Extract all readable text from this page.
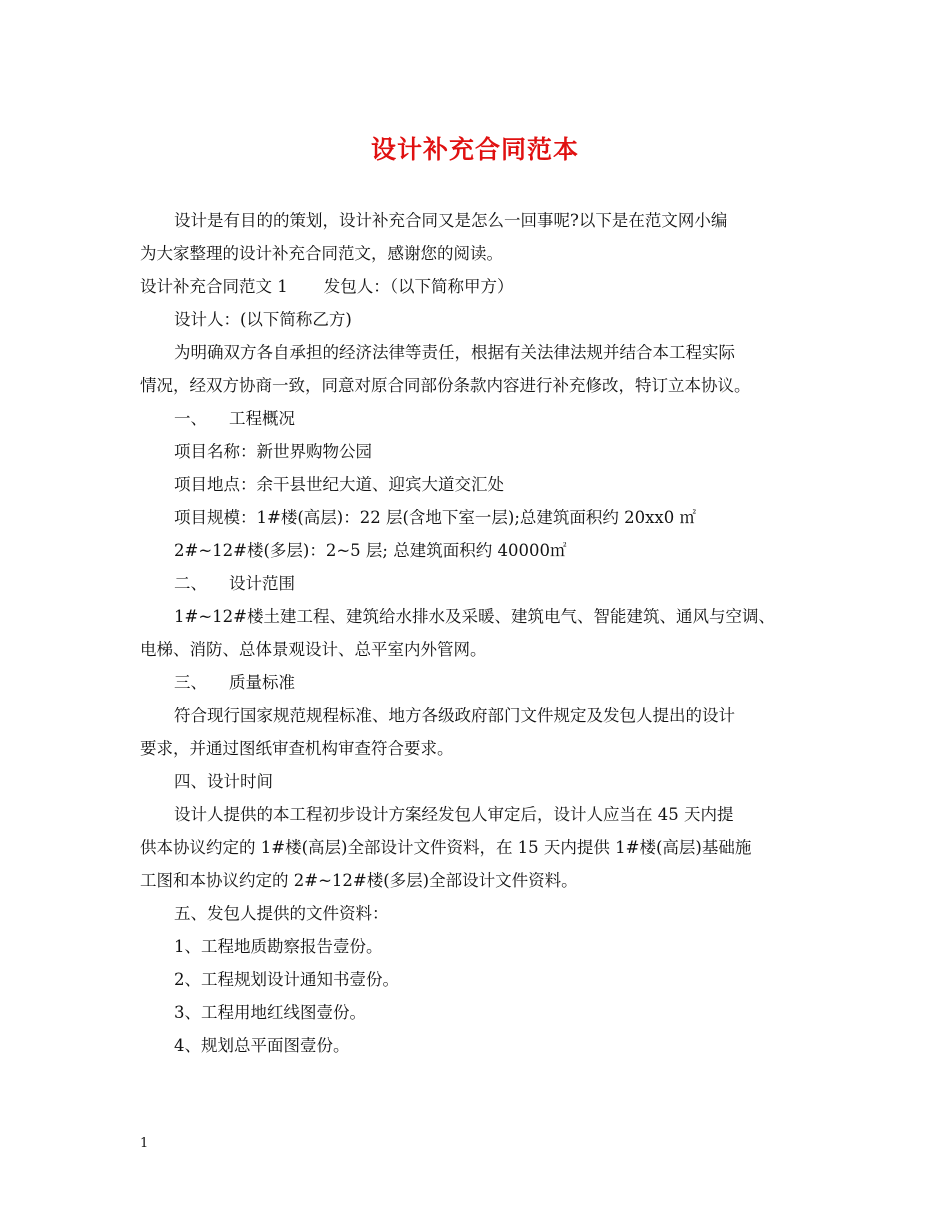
设计补充合同范本
设计是有目的的策划，设计补充合同又是怎么一回事呢?以下是在范文网小编
为大家整理的设计补充合同范文，感谢您的阅读。
设计补充合同范文 1 发包人：（以下简称甲方）
设计人：(以下简称乙方)
为明确双方各自承担的经济法律等责任，根据有关法律法规并结合本工程实际
情况，经双方协商一致，同意对原合同部份条款内容进行补充修改，特订立本协议。
一、 工程概况
项目名称：新世界购物公园
项目地点：余干县世纪大道、迎宾大道交汇处
项目规模：1#楼(高层)：22 层(含地下室一层);总建筑面积约 20xx0 ㎡
2#~12#楼(多层)：2~5 层; 总建筑面积约 40000㎡
二、 设计范围
1#~12#楼土建工程、建筑给水排水及采暖、建筑电气、智能建筑、通风与空调、
电梯、消防、总体景观设计、总平室内外管网。
三、 质量标准
符合现行国家规范规程标准、地方各级政府部门文件规定及发包人提出的设计
要求，并通过图纸审查机构审查符合要求。
四、设计时间
设计人提供的本工程初步设计方案经发包人审定后，设计人应当在 45 天内提
供本协议约定的 1#楼(高层)全部设计文件资料，在 15 天内提供 1#楼(高层)基础施
工图和本协议约定的 2#~12#楼(多层)全部设计文件资料。
五、发包人提供的文件资料：
1、工程地质勘察报告壹份。
2、工程规划设计通知书壹份。
3、工程用地红线图壹份。
4、规划总平面图壹份。
1
